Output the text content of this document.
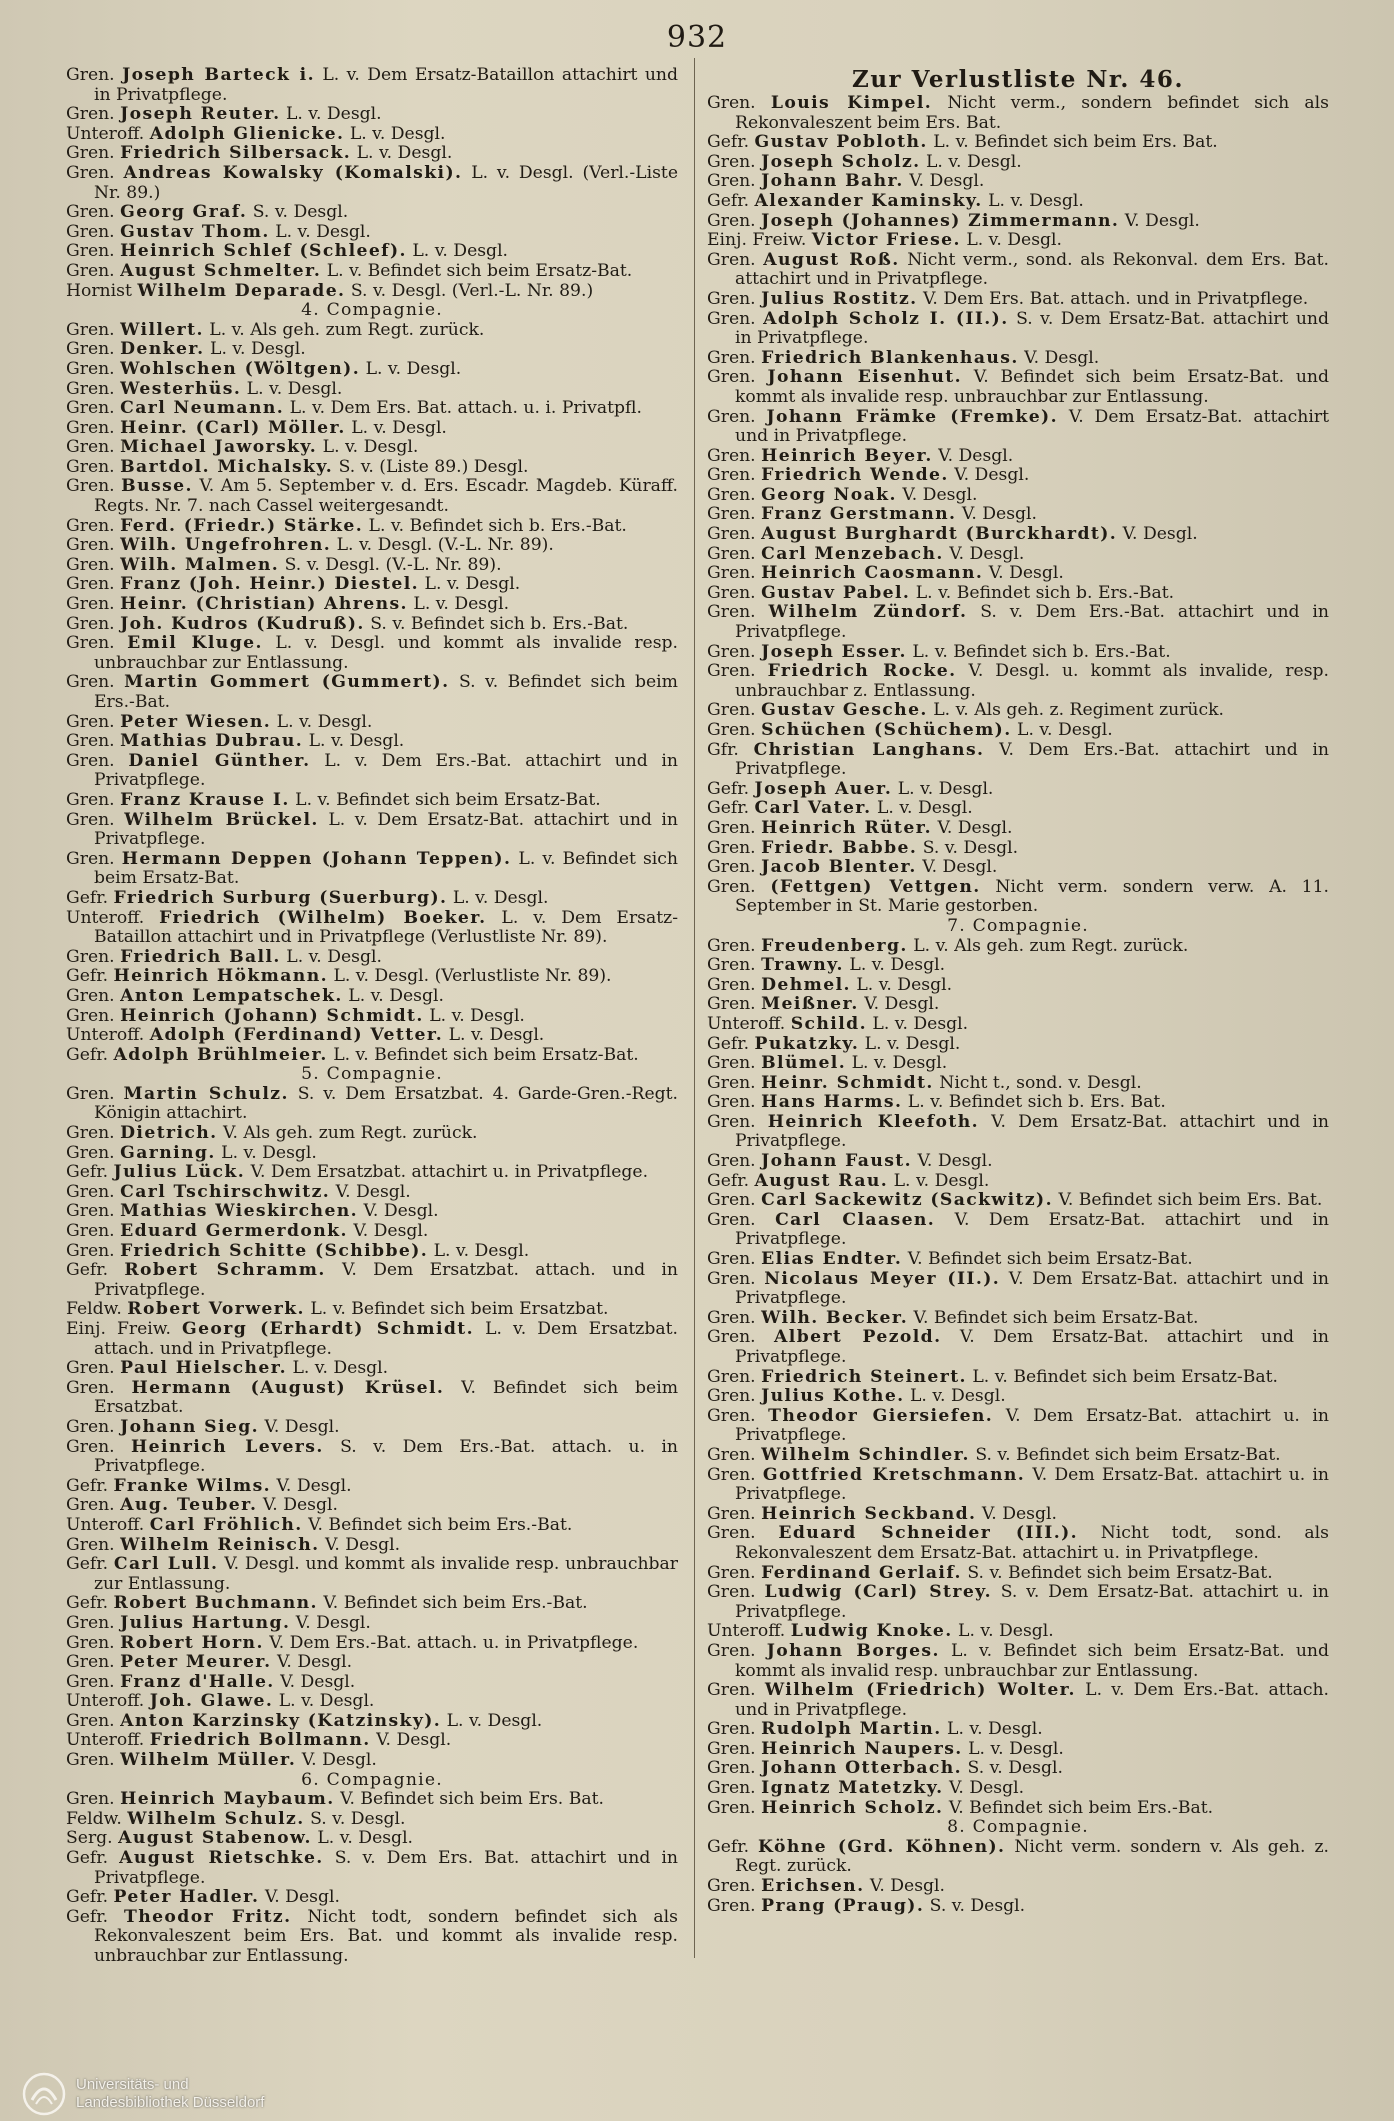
932

Gren. Joseph Barteck i. L. v. Dem Ersatz-Bataillon attachirt und in Privatpflege.

Gren. Joseph Reuter. L. v. Desgl.

Unteroff. Adolph Glienicke. L. v. Desgl.

Gren. Friedrich Silbersack. L. v. Desgl.

Gren. Andreas Kowalsky (Komalski). L. v. Desgl. (Verl.-Liste Nr. 89.)

Gren. Georg Graf. S. v. Desgl.

Gren. Gustav Thom. L. v. Desgl.

Gren. Heinrich Schlef (Schleef). L. v. Desgl.

Gren. August Schmelter. L. v. Befindet sich beim Ersatz-Bat.

Hornist Wilhelm Deparade. S. v. Desgl. (Verl.-L. Nr. 89.)

4. Compagnie.

Gren. Willert. L. v. Als geh. zum Regt. zurück.

Gren. Denker. L. v. Desgl.

Gren. Wohlschen (Wöltgen). L. v. Desgl.

Gren. Westerhüs. L. v. Desgl.

Gren. Carl Neumann. L. v. Dem Ers. Bat. attach. u. i. Privatpfl.

Gren. Heinr. (Carl) Möller. L. v. Desgl.

Gren. Michael Jaworsky. L. v. Desgl.

Gren. Bartdol. Michalsky. S. v. (Liste 89.) Desgl.

Gren. Busse. V. Am 5. September v. d. Ers. Escadr. Magdeb. Küraff. Regts. Nr. 7. nach Cassel weitergesandt.

Gren. Ferd. (Friedr.) Stärke. L. v. Befindet sich b. Ers.-Bat.

Gren. Wilh. Ungefrohren. L. v. Desgl. (V.-L. Nr. 89).

Gren. Wilh. Malmen. S. v. Desgl. (V.-L. Nr. 89).

Gren. Franz (Joh. Heinr.) Diestel. L. v. Desgl.

Gren. Heinr. (Christian) Ahrens. L. v. Desgl.

Gren. Joh. Kudros (Kudruß). S. v. Befindet sich b. Ers.-Bat.

Gren. Emil Kluge. L. v. Desgl. und kommt als invalide resp. unbrauchbar zur Entlassung.

Gren. Martin Gommert (Gummert). S. v. Befindet sich beim Ers.-Bat.

Gren. Peter Wiesen. L. v. Desgl.

Gren. Mathias Dubrau. L. v. Desgl.

Gren. Daniel Günther. L. v. Dem Ers.-Bat. attachirt und in Privatpflege.

Gren. Franz Krause I. L. v. Befindet sich beim Ersatz-Bat.

Gren. Wilhelm Brückel. L. v. Dem Ersatz-Bat. attachirt und in Privatpflege.

Gren. Hermann Deppen (Johann Teppen). L. v. Befindet sich beim Ersatz-Bat.

Gefr. Friedrich Surburg (Suerburg). L. v. Desgl.

Unteroff. Friedrich (Wilhelm) Boeker. L. v. Dem Ersatz-Bataillon attachirt und in Privatpflege (Verlustliste Nr. 89).

Gren. Friedrich Ball. L. v. Desgl.

Gefr. Heinrich Hökmann. L. v. Desgl. (Verlustliste Nr. 89).

Gren. Anton Lempatschek. L. v. Desgl.

Gren. Heinrich (Johann) Schmidt. L. v. Desgl.

Unteroff. Adolph (Ferdinand) Vetter. L. v. Desgl.

Gefr. Adolph Brühlmeier. L. v. Befindet sich beim Ersatz-Bat.

5. Compagnie.

Gren. Martin Schulz. S. v. Dem Ersatzbat. 4. Garde-Gren.-Regt. Königin attachirt.

Gren. Dietrich. V. Als geh. zum Regt. zurück.

Gren. Garning. L. v. Desgl.

Gefr. Julius Lück. V. Dem Ersatzbat. attachirt u. in Privatpflege.

Gren. Carl Tschirschwitz. V. Desgl.

Gren. Mathias Wieskirchen. V. Desgl.

Gren. Eduard Germerdonk. V. Desgl.

Gren. Friedrich Schitte (Schibbe). L. v. Desgl.

Gefr. Robert Schramm. V. Dem Ersatzbat. attach. und in Privatpflege.

Feldw. Robert Vorwerk. L. v. Befindet sich beim Ersatzbat.

Einj. Freiw. Georg (Erhardt) Schmidt. L. v. Dem Ersatzbat. attach. und in Privatpflege.

Gren. Paul Hielscher. L. v. Desgl.

Gren. Hermann (August) Krüsel. V. Befindet sich beim Ersatzbat.

Gren. Johann Sieg. V. Desgl.

Gren. Heinrich Levers. S. v. Dem Ers.-Bat. attach. u. in Privatpflege.

Gefr. Franke Wilms. V. Desgl.

Gren. Aug. Teuber. V. Desgl.

Unteroff. Carl Fröhlich. V. Befindet sich beim Ers.-Bat.

Gren. Wilhelm Reinisch. V. Desgl.

Gefr. Carl Lull. V. Desgl. und kommt als invalide resp. unbrauchbar zur Entlassung.

Gefr. Robert Buchmann. V. Befindet sich beim Ers.-Bat.

Gren. Julius Hartung. V. Desgl.

Gren. Robert Horn. V. Dem Ers.-Bat. attach. u. in Privatpflege.

Gren. Peter Meurer. V. Desgl.

Gren. Franz d'Halle. V. Desgl.

Unteroff. Joh. Glawe. L. v. Desgl.

Gren. Anton Karzinsky (Katzinsky). L. v. Desgl.

Unteroff. Friedrich Bollmann. V. Desgl.

Gren. Wilhelm Müller. V. Desgl.

6. Compagnie.

Gren. Heinrich Maybaum. V. Befindet sich beim Ers. Bat.

Feldw. Wilhelm Schulz. S. v. Desgl.

Serg. August Stabenow. L. v. Desgl.

Gefr. August Rietschke. S. v. Dem Ers. Bat. attachirt und in Privatpflege.

Gefr. Peter Hadler. V. Desgl.

Gefr. Theodor Fritz. Nicht todt, sondern befindet sich als Rekonvaleszent beim Ers. Bat. und kommt als invalide resp. unbrauchbar zur Entlassung.

Zur Verlustliste Nr. 46.

Gren. Louis Kimpel. Nicht verm., sondern befindet sich als Rekonvaleszent beim Ers. Bat.

Gefr. Gustav Pobloth. L. v. Befindet sich beim Ers. Bat.

Gren. Joseph Scholz. L. v. Desgl.

Gren. Johann Bahr. V. Desgl.

Gefr. Alexander Kaminsky. L. v. Desgl.

Gren. Joseph (Johannes) Zimmermann. V. Desgl.

Einj. Freiw. Victor Friese. L. v. Desgl.

Gren. August Roß. Nicht verm., sond. als Rekonval. dem Ers. Bat. attachirt und in Privatpflege.

Gren. Julius Rostitz. V. Dem Ers. Bat. attach. und in Privatpflege.

Gren. Adolph Scholz I. (II.). S. v. Dem Ersatz-Bat. attachirt und in Privatpflege.

Gren. Friedrich Blankenhaus. V. Desgl.

Gren. Johann Eisenhut. V. Befindet sich beim Ersatz-Bat. und kommt als invalide resp. unbrauchbar zur Entlassung.

Gren. Johann Främke (Fremke). V. Dem Ersatz-Bat. attachirt und in Privatpflege.

Gren. Heinrich Beyer. V. Desgl.

Gren. Friedrich Wende. V. Desgl.

Gren. Georg Noak. V. Desgl.

Gren. Franz Gerstmann. V. Desgl.

Gren. August Burghardt (Burckhardt). V. Desgl.

Gren. Carl Menzebach. V. Desgl.

Gren. Heinrich Caosmann. V. Desgl.

Gren. Gustav Pabel. L. v. Befindet sich b. Ers.-Bat.

Gren. Wilhelm Zündorf. S. v. Dem Ers.-Bat. attachirt und in Privatpflege.

Gren. Joseph Esser. L. v. Befindet sich b. Ers.-Bat.

Gren. Friedrich Rocke. V. Desgl. u. kommt als invalide, resp. unbrauchbar z. Entlassung.

Gren. Gustav Gesche. L. v. Als geh. z. Regiment zurück.

Gren. Schüchen (Schüchem). L. v. Desgl.

Gfr. Christian Langhans. V. Dem Ers.-Bat. attachirt und in Privatpflege.

Gefr. Joseph Auer. L. v. Desgl.

Gefr. Carl Vater. L. v. Desgl.

Gren. Heinrich Rüter. V. Desgl.

Gren. Friedr. Babbe. S. v. Desgl.

Gren. Jacob Blenter. V. Desgl.

Gren. (Fettgen) Vettgen. Nicht verm. sondern verw. A. 11. September in St. Marie gestorben.

7. Compagnie.

Gren. Freudenberg. L. v. Als geh. zum Regt. zurück.

Gren. Trawny. L. v. Desgl.

Gren. Dehmel. L. v. Desgl.

Gren. Meißner. V. Desgl.

Unteroff. Schild. L. v. Desgl.

Gefr. Pukatzky. L. v. Desgl.

Gren. Blümel. L. v. Desgl.

Gren. Heinr. Schmidt. Nicht t., sond. v. Desgl.

Gren. Hans Harms. L. v. Befindet sich b. Ers. Bat.

Gren. Heinrich Kleefoth. V. Dem Ersatz-Bat. attachirt und in Privatpflege.

Gren. Johann Faust. V. Desgl.

Gefr. August Rau. L. v. Desgl.

Gren. Carl Sackewitz (Sackwitz). V. Befindet sich beim Ers. Bat.

Gren. Carl Claasen. V. Dem Ersatz-Bat. attachirt und in Privatpflege.

Gren. Elias Endter. V. Befindet sich beim Ersatz-Bat.

Gren. Nicolaus Meyer (II.). V. Dem Ersatz-Bat. attachirt und in Privatpflege.

Gren. Wilh. Becker. V. Befindet sich beim Ersatz-Bat.

Gren. Albert Pezold. V. Dem Ersatz-Bat. attachirt und in Privatpflege.

Gren. Friedrich Steinert. L. v. Befindet sich beim Ersatz-Bat.

Gren. Julius Kothe. L. v. Desgl.

Gren. Theodor Giersiefen. V. Dem Ersatz-Bat. attachirt u. in Privatpflege.

Gren. Wilhelm Schindler. S. v. Befindet sich beim Ersatz-Bat.

Gren. Gottfried Kretschmann. V. Dem Ersatz-Bat. attachirt u. in Privatpflege.

Gren. Heinrich Seckband. V. Desgl.

Gren. Eduard Schneider (III.). Nicht todt, sond. als Rekonvaleszent dem Ersatz-Bat. attachirt u. in Privatpflege.

Gren. Ferdinand Gerlaif. S. v. Befindet sich beim Ersatz-Bat.

Gren. Ludwig (Carl) Strey. S. v. Dem Ersatz-Bat. attachirt u. in Privatpflege.

Unteroff. Ludwig Knoke. L. v. Desgl.

Gren. Johann Borges. L. v. Befindet sich beim Ersatz-Bat. und kommt als invalid resp. unbrauchbar zur Entlassung.

Gren. Wilhelm (Friedrich) Wolter. L. v. Dem Ers.-Bat. attach. und in Privatpflege.

Gren. Rudolph Martin. L. v. Desgl.

Gren. Heinrich Naupers. L. v. Desgl.

Gren. Johann Otterbach. S. v. Desgl.

Gren. Ignatz Matetzky. V. Desgl.

Gren. Heinrich Scholz. V. Befindet sich beim Ers.-Bat.

8. Compagnie.

Gefr. Köhne (Grd. Köhnen). Nicht verm. sondern v. Als geh. z. Regt. zurück.

Gren. Erichsen. V. Desgl.

Gren. Prang (Praug). S. v. Desgl.

Universitäts- und
Landesbibliothek Düsseldorf
